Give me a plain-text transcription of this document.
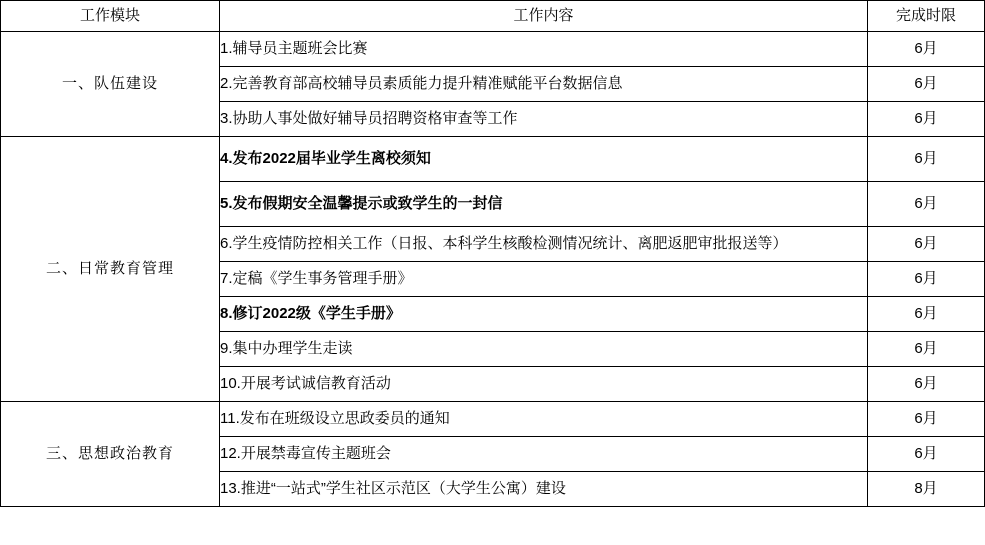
工作模块	工作内容	完成时限
一、队伍建设	1.辅导员主题班会比赛	6月
	2.完善教育部高校辅导员素质能力提升精准赋能平台数据信息	6月
	3.协助人事处做好辅导员招聘资格审查等工作	6月
二、日常教育管理	4.发布2022届毕业学生离校须知	6月
	5.发布假期安全温馨提示或致学生的一封信	6月
	6.学生疫情防控相关工作（日报、本科学生核酸检测情况统计、离肥返肥审批报送等）	6月
	7.定稿《学生事务管理手册》	6月
	8.修订2022级《学生手册》	6月
	9.集中办理学生走读	6月
	10.开展考试诚信教育活动	6月
三、思想政治教育	11.发布在班级设立思政委员的通知	6月
	12.开展禁毒宣传主题班会	6月
	13.推进“一站式”学生社区示范区（大学生公寓）建设	8月
